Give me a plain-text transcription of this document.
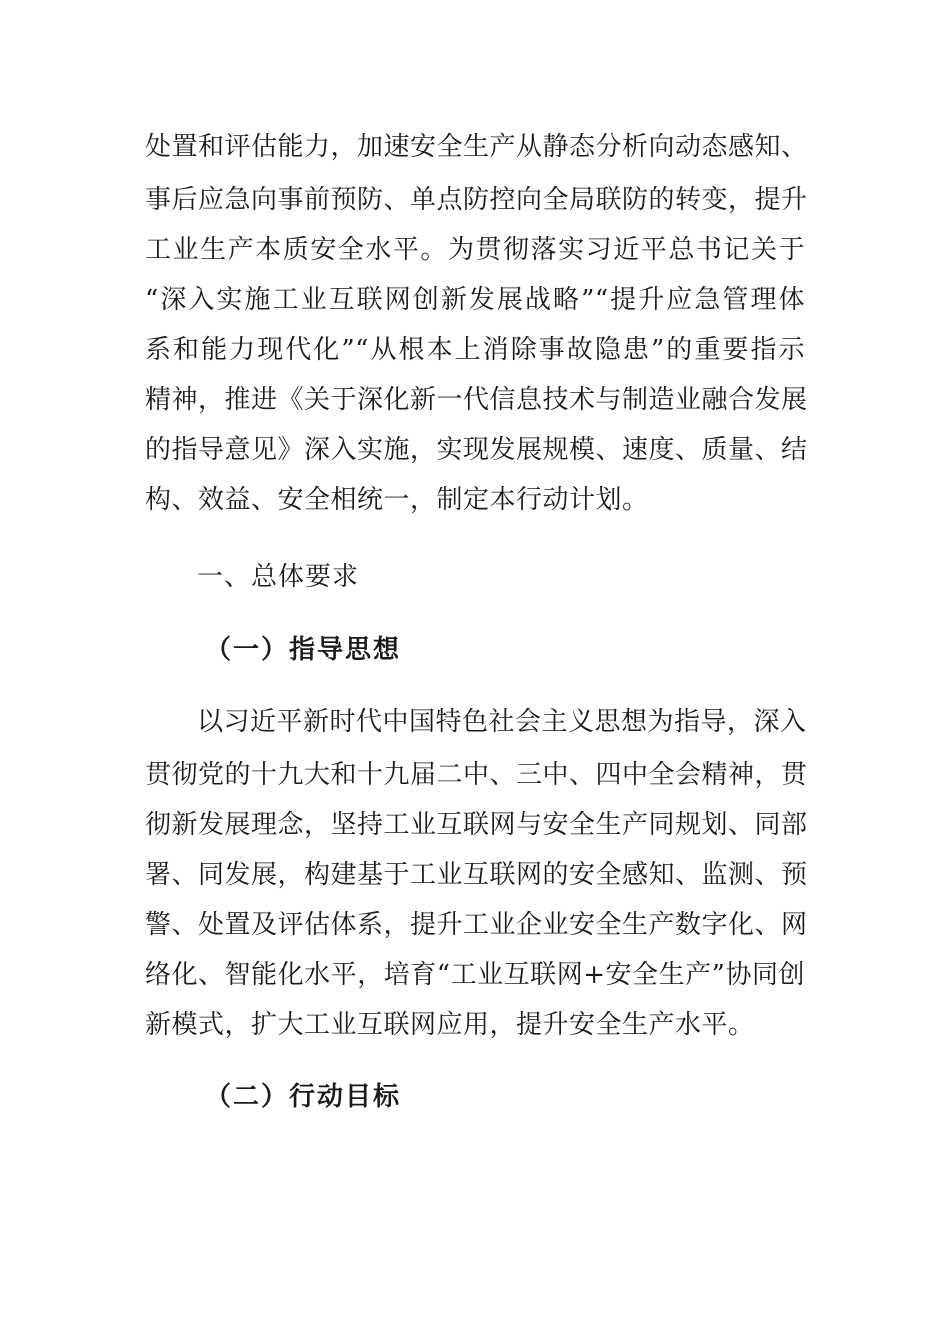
处置和评估能力，加速安全生产从静态分析向动态感知、
事后应急向事前预防、单点防控向全局联防的转变，提升
工业生产本质安全水平。为贯彻落实习近平总书记关于
“深入实施工业互联网创新发展战略”“提升应急管理体
系和能力现代化”“从根本上消除事故隐患”的重要指示
精神，推进《关于深化新一代信息技术与制造业融合发展
的指导意见》深入实施，实现发展规模、速度、质量、结
构、效益、安全相统一，制定本行动计划。
一、总体要求
（一）指导思想
以习近平新时代中国特色社会主义思想为指导，深入
贯彻党的十九大和十九届二中、三中、四中全会精神，贯
彻新发展理念，坚持工业互联网与安全生产同规划、同部
署、同发展，构建基于工业互联网的安全感知、监测、预
警、处置及评估体系，提升工业企业安全生产数字化、网
络化、智能化水平，培育“工业互联网+安全生产”协同创
新模式，扩大工业互联网应用，提升安全生产水平。
（二）行动目标
